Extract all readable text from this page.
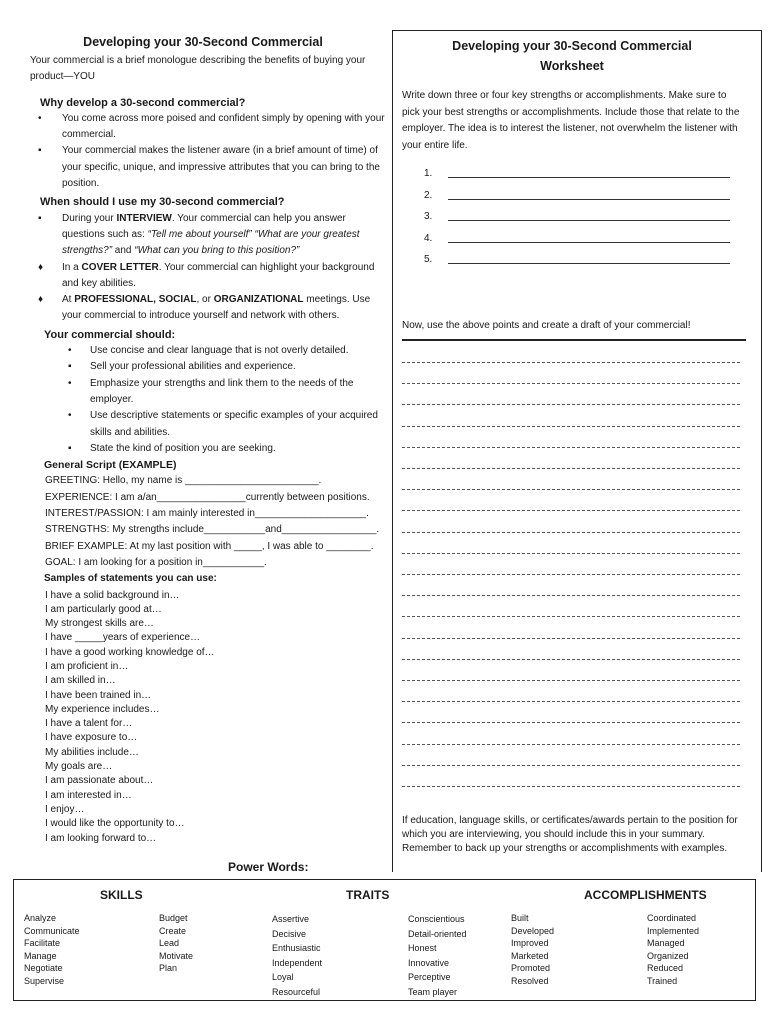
Developing your 30-Second Commercial
Your commercial is a brief monologue describing the benefits of buying your product—YOU
Why develop a 30-second commercial?
• You come across more poised and confident simply by opening with your commercial.
▪ Your commercial makes the listener aware (in a brief amount of time) of your specific, unique, and impressive attributes that you can bring to the position.
When should I use my 30-second commercial?
▪ During your INTERVIEW. Your commercial can help you answer questions such as: “Tell me about yourself” “What are your greatest strengths?” and “What can you bring to this position?”
♦ In a COVER LETTER. Your commercial can highlight your background and key abilities.
♦ At PROFESSIONAL, SOCIAL, or ORGANIZATIONAL meetings. Use your commercial to introduce yourself and network with others.
Your commercial should:
• Use concise and clear language that is not overly detailed.
▪ Sell your professional abilities and experience.
• Emphasize your strengths and link them to the needs of the employer.
• Use descriptive statements or specific examples of your acquired skills and abilities.
▪ State the kind of position you are seeking.
General Script (EXAMPLE)
GREETING: Hello, my name is ________________________.
EXPERIENCE: I am a/an________________currently between positions.
INTEREST/PASSION: I am mainly interested in____________________.
STRENGTHS: My strengths include___________and_________________.
BRIEF EXAMPLE: At my last position with _____, I was able to ________.
GOAL: I am looking for a position in___________.
Samples of statements you can use:
I have a solid background in…
I am particularly good at…
My strongest skills are…
I have _____years of experience…
I have a good working knowledge of…
I am proficient in…
I am skilled in…
I have been trained in…
My experience includes…
I have a talent for…
I have exposure to…
My abilities include…
My goals are…
I am passionate about…
I am interested in…
I enjoy…
I would like the opportunity to…
I am looking forward to…
Power Words:
Developing your 30-Second Commercial
Worksheet
Write down three or four key strengths or accomplishments. Make sure to pick your best strengths or accomplishments. Include those that relate to the employer. The idea is to interest the listener, not overwhelm the listener with your entire life.
1.
2.
3.
4.
5.
Now, use the above points and create a draft of your commercial!
If education, language skills, or certificates/awards pertain to the position for which you are interviewing, you should include this in your summary. Remember to back up your strengths or accomplishments with examples.
SKILLS	TRAITS	ACCOMPLISHMENTS
Analyze
Communicate
Facilitate
Manage
Negotiate
Supervise
Budget
Create
Lead
Motivate
Plan
Assertive
Decisive
Enthusiastic
Independent
Loyal
Resourceful
Conscientious
Detail-oriented
Honest
Innovative
Perceptive
Team player
Built
Developed
Improved
Marketed
Promoted
Resolved
Coordinated
Implemented
Managed
Organized
Reduced
Trained
